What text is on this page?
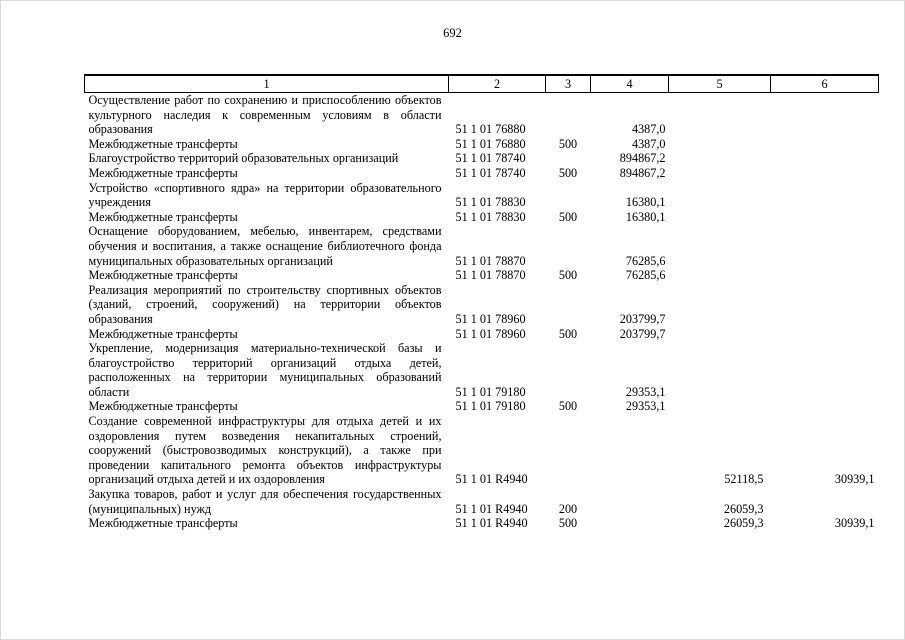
692
1	2	3	4	5	6
Осуществление работ по сохранению и приспособлению объектов культурного наследия к современным условиям в области образования	51 1 01 76880		4387,0		
Межбюджетные трансферты	51 1 01 76880	500	4387,0		
Благоустройство территорий образовательных организаций	51 1 01 78740		894867,2		
Межбюджетные трансферты	51 1 01 78740	500	894867,2		
Устройство «спортивного ядра» на территории образовательного учреждения	51 1 01 78830		16380,1		
Межбюджетные трансферты	51 1 01 78830	500	16380,1		
Оснащение оборудованием, мебелью, инвентарем, средствами обучения и воспитания, а также оснащение библиотечного фонда муниципальных образовательных организаций	51 1 01 78870		76285,6		
Межбюджетные трансферты	51 1 01 78870	500	76285,6		
Реализация мероприятий по строительству спортивных объектов (зданий, строений, сооружений) на территории объектов образования	51 1 01 78960		203799,7		
Межбюджетные трансферты	51 1 01 78960	500	203799,7		
Укрепление, модернизация материально-технической базы и благоустройство территорий организаций отдыха детей, расположенных на территории муниципальных образований области	51 1 01 79180		29353,1		
Межбюджетные трансферты	51 1 01 79180	500	29353,1		
Создание современной инфраструктуры для отдыха детей и их оздоровления путем возведения некапитальных строений, сооружений (быстровозводимых конструкций), а также при проведении капитального ремонта объектов инфраструктуры организаций отдыха детей и их оздоровления	51 1 01 R4940			52118,5	30939,1
Закупка товаров, работ и услуг для обеспечения государственных (муниципальных) нужд	51 1 01 R4940	200		26059,3	
Межбюджетные трансферты	51 1 01 R4940	500		26059,3	30939,1
